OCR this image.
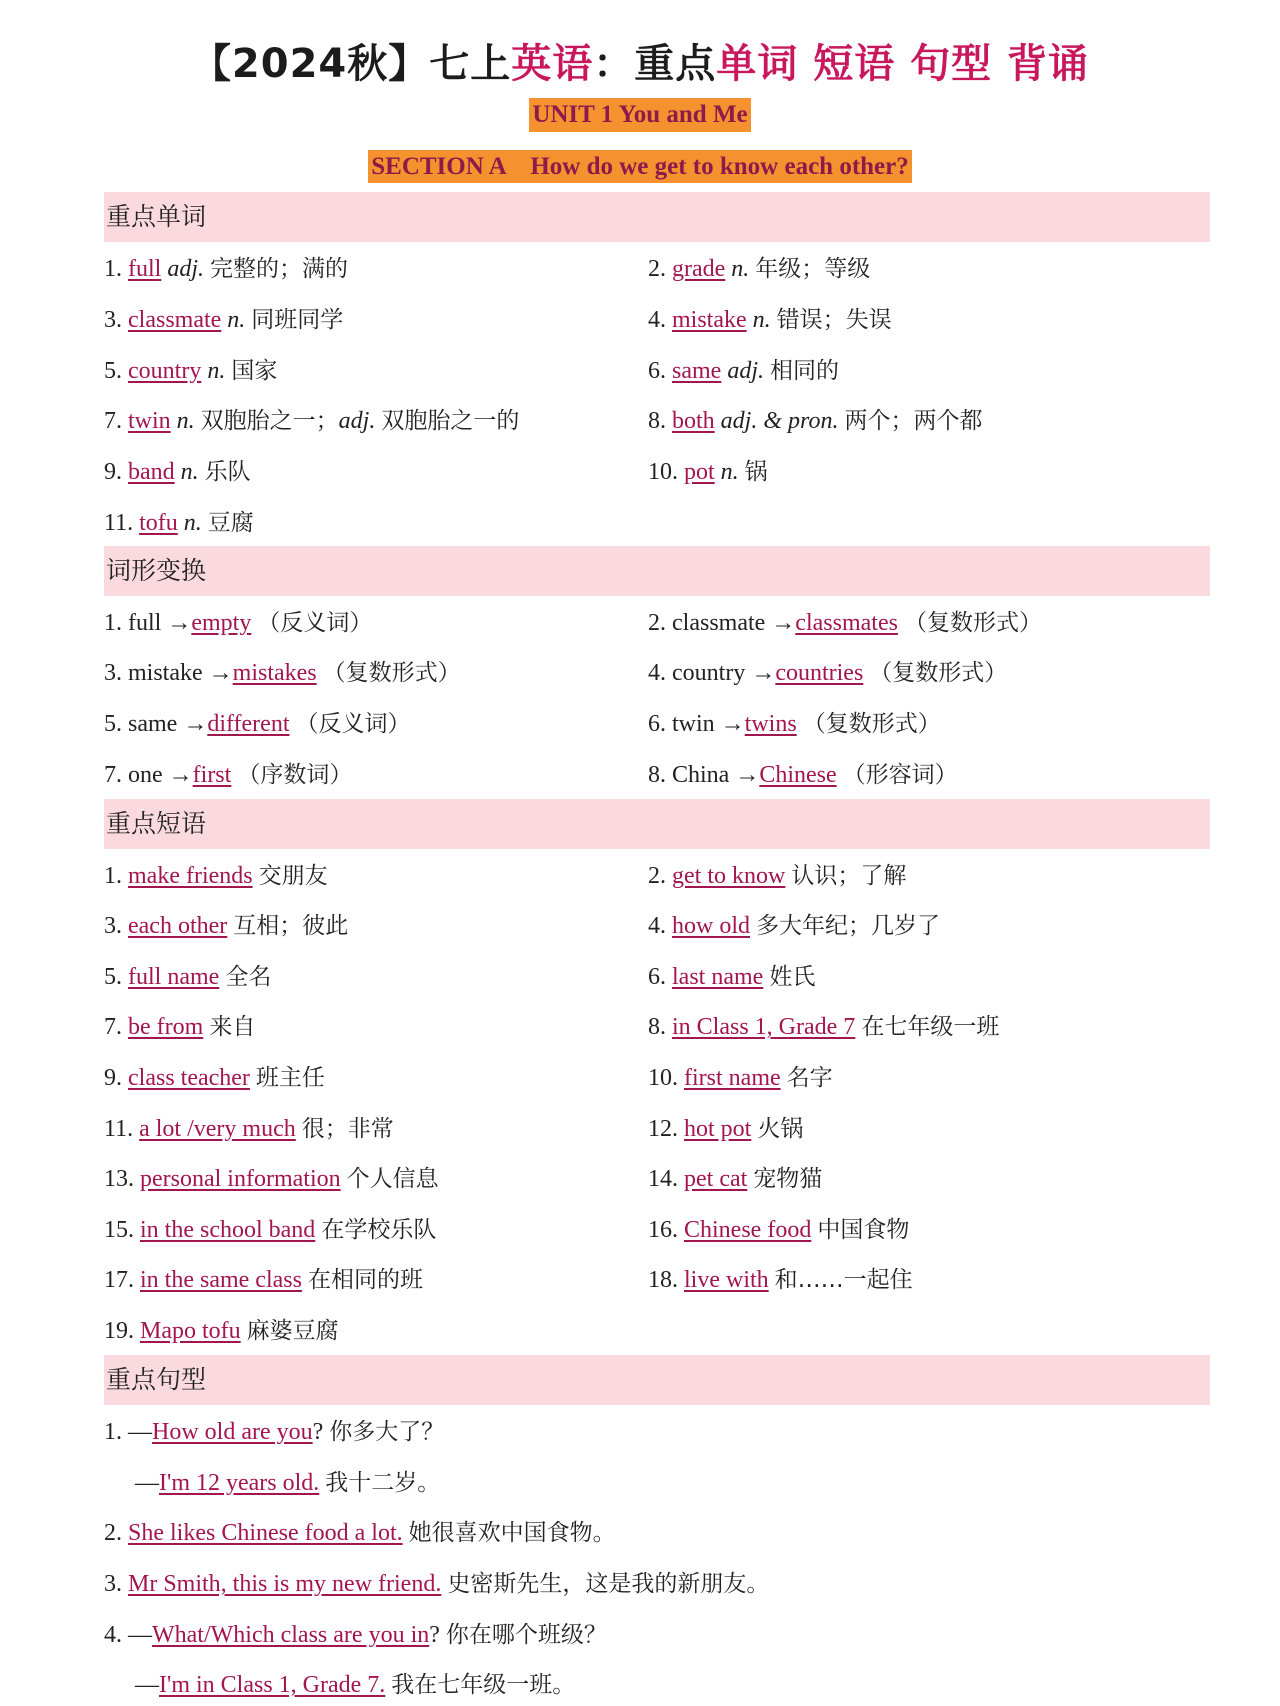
【2024秋】七上英语：重点单词 短语 句型 背诵
UNIT 1 You and Me
SECTION A    How do we get to know each other?
重点单词
1. full adj. 完整的；满的	2. grade n. 年级；等级
3. classmate n. 同班同学	4. mistake n. 错误；失误
5. country n. 国家	6. same adj. 相同的
7. twin n. 双胞胎之一；adj. 双胞胎之一的	8. both adj. & pron. 两个；两个都
9. band n. 乐队	10. pot n. 锅
11. tofu n. 豆腐
词形变换
1. full →empty （反义词）	2. classmate →classmates （复数形式）
3. mistake →mistakes （复数形式）	4. country →countries （复数形式）
5. same →different （反义词）	6. twin →twins （复数形式）
7. one →first （序数词）	8. China →Chinese （形容词）
重点短语
1. make friends 交朋友	2. get to know 认识；了解
3. each other 互相；彼此	4. how old 多大年纪；几岁了
5. full name 全名	6. last name 姓氏
7. be from 来自	8. in Class 1, Grade 7 在七年级一班
9. class teacher 班主任	10. first name 名字
11. a lot /very much 很；非常	12. hot pot 火锅
13. personal information 个人信息	14. pet cat 宠物猫
15. in the school band 在学校乐队	16. Chinese food 中国食物
17. in the same class 在相同的班	18. live with 和……一起住
19. Mapo tofu 麻婆豆腐
重点句型
1. —How old are you? 你多大了？
—I'm 12 years old. 我十二岁。
2. She likes Chinese food a lot. 她很喜欢中国食物。
3. Mr Smith, this is my new friend. 史密斯先生，这是我的新朋友。
4. —What/Which class are you in? 你在哪个班级？
—I'm in Class 1, Grade 7. 我在七年级一班。
